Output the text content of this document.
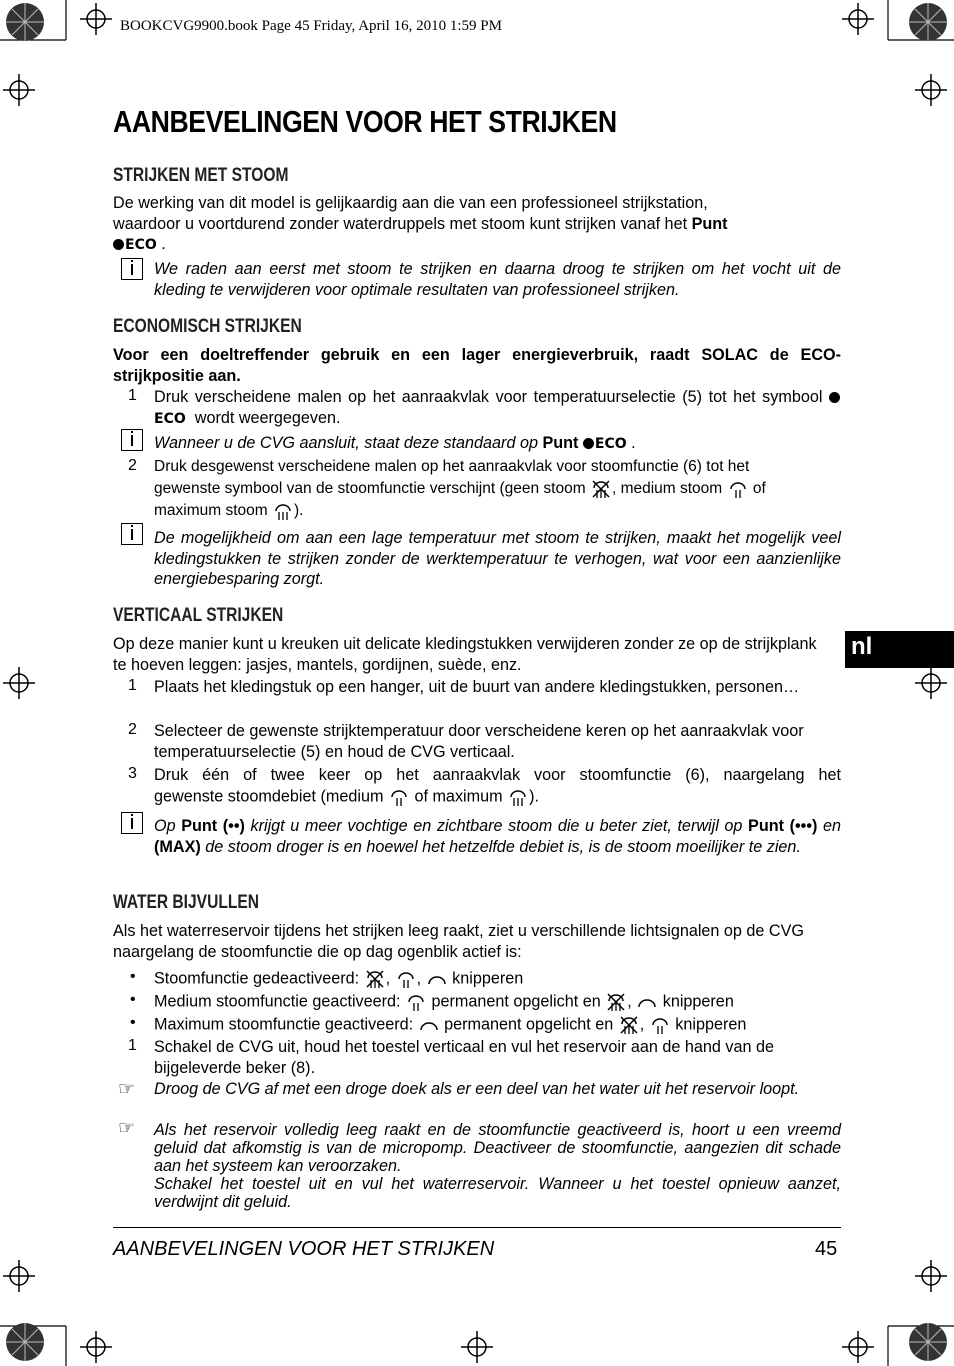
BOOKCVG9900.book Page 45 Friday, April 16, 2010 1:59 PM
AANBEVELINGEN VOOR HET STRIJKEN
nl
STRIJKEN MET STOOM
De werking van dit model is gelijkaardig aan die van een professioneel strijkstation,
waardoor u voortdurend zonder waterdruppels met stoom kunt strijken vanaf het Punt
ECO .
We raden aan eerst met stoom te strijken en daarna droog te strijken om het vocht uit de kleding te verwijderen voor optimale resultaten van professioneel strijken.
ECONOMISCH STRIJKEN
Voor een doeltreffender gebruik en een lager energieverbruik, raadt SOLAC de ECO-strijkpositie aan.
1 Druk verscheidene malen op het aanraakvlak voor temperatuurselectie (5) tot het symbool ECO wordt weergegeven.
Wanneer u de CVG aansluit, staat deze standaard op Punt ECO .
2 Druk desgewenst verscheidene malen op het aanraakvlak voor stoomfunctie (6) tot het
gewenste symbool van de stoomfunctie verschijnt (geen stoom , medium stoom of
maximum stoom ).
De mogelijkheid om aan een lage temperatuur met stoom te strijken, maakt het mogelijk veel kledingstukken te strijken zonder de werktemperatuur te verhogen, wat voor een aanzienlijke energiebesparing zorgt.
VERTICAAL STRIJKEN
Op deze manier kunt u kreuken uit delicate kledingstukken verwijderen zonder ze op de strijkplank te hoeven leggen: jasjes, mantels, gordijnen, suède, enz.
1 Plaats het kledingstuk op een hanger, uit de buurt van andere kledingstukken, personen…
2 Selecteer de gewenste strijktemperatuur door verscheidene keren op het aanraakvlak voor temperatuurselectie (5) en houd de CVG verticaal.
3 Druk één of twee keer op het aanraakvlak voor stoomfunctie (6), naargelang het
gewenste stoomdebiet (medium of maximum ).
Op Punt (••) krijgt u meer vochtige en zichtbare stoom die u beter ziet, terwijl op Punt (•••) en (MAX) de stoom droger is en hoewel het hetzelfde debiet is, is de stoom moeilijker te zien.
WATER BIJVULLEN
Als het waterreservoir tijdens het strijken leeg raakt, ziet u verschillende lichtsignalen op de CVG naargelang de stoomfunctie die op dag ogenblik actief is:
• Stoomfunctie gedeactiveerd: , ,  knipperen
• Medium stoomfunctie geactiveerd: permanent opgelicht en ,  knipperen
• Maximum stoomfunctie geactiveerd: permanent opgelicht en ,  knipperen
1 Schakel de CVG uit, houd het toestel verticaal en vul het reservoir aan de hand van de bijgeleverde beker (8).
☞ Droog de CVG af met een droge doek als er een deel van het water uit het reservoir loopt.
☞ Als het reservoir volledig leeg raakt en de stoomfunctie geactiveerd is, hoort u een vreemd geluid dat afkomstig is van de micropomp. Deactiveer de stoomfunctie, aangezien dit schade aan het systeem kan veroorzaken.
Schakel het toestel uit en vul het waterreservoir. Wanneer u het toestel opnieuw aanzet, verdwijnt dit geluid.
AANBEVELINGEN VOOR HET STRIJKEN	45
